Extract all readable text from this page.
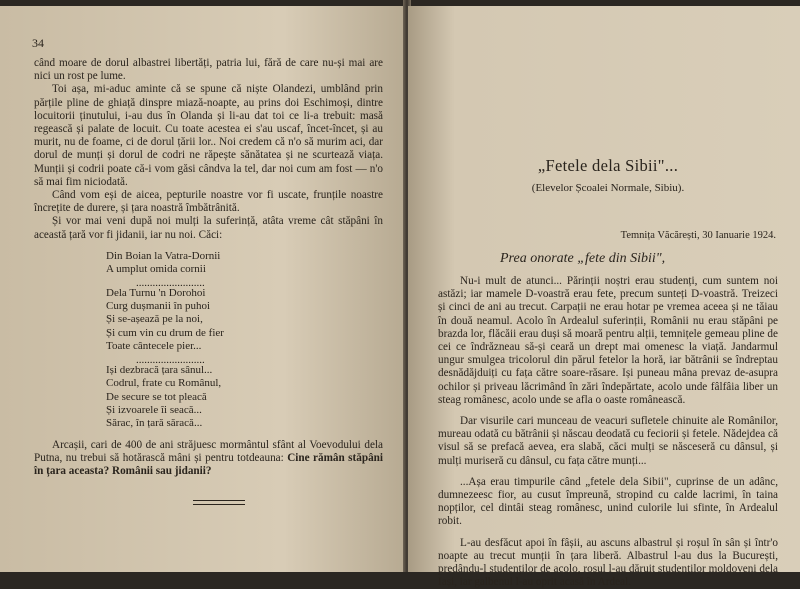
34

când moare de dorul albastrei libertăți, patria lui, fără de care nu-și mai are nici un rost pe lume.

Toi așa, mi-aduc aminte că se spune că niște Olandezi, umblând prin părțile pline de ghiață dinspre miază-noapte, au prins doi Eschimoși, dintre locuitorii ținutului, i-au dus în Olanda și li-au dat toi ce li-a trebuit: masă regească și palate de locuit. Cu toate acestea ei s'au uscaf, încet-încet, și au murit, nu de foame, ci de dorul țării lor.. Noi credem că n'o să murim aci, dar dorul de munți și dorul de codri ne răpește sănătatea și ne scurtează viața. Munții și codrii poate că-i vom găsi cândva la tel, dar noi cum am fost — n'o să mai fim niciodată.

Când vom eși de aicea, pepturile noastre vor fi uscate, frunțile noastre încrețite de durere, și țara noastră îmbătrânită.

Și vor mai veni după noi mulți la suferință, atâta vreme cât stăpâni în această țară vor fi jidanii, iar nu noi. Căci:

Din Boian la Vatra-Dornii
A umplut omida cornii
.........................
Dela Turnu 'n Dorohoi
Curg dușmanii în puhoi
Și se-așează pe la noi,
Și cum vin cu drum de fier
Toate cântecele pier...
.........................
Iși dezbracă țara sânul...
Codrul, frate cu Românul,
De secure se tot pleacă
Și izvoarele îi seacă...
Sărac, în țară săracă...

Arcașii, cari de 400 de ani străjuesc mormântul sfânt al Voevodului dela Putna, nu trebui să hotărască mâni și pentru totdeauna: Cine rămân stăpâni în țara aceasta? Românii sau jidanii?

„Fetele dela Sibii"...
(Elevelor Școalei Normale, Sibiu).
Temnița Văcărești, 30 Ianuarie 1924.
Prea onorate „fete din Sibii",

Nu-i mult de atunci... Părinții noștri erau studenți, cum suntem noi astăzi; iar mamele D-voastră erau fete, precum sunteți D-voastră. Treizeci și cinci de ani au trecut. Carpații ne erau hotar pe vremea aceea și ne tăiau în două neamul. Acolo în Ardealul suferinții, Românii nu erau stăpâni pe brazda lor, flăcăii erau duși să moară pentru alții, temnițele gemeau pline de cei ce îndrăzneau să-și ceară un drept mai omenesc la viață. Jandarmul ungur smulgea tricolorul din părul fetelor la horă, iar bătrânii se îndreptau desnădăjduiți cu fața către soare-răsare. Iși puneau mâna prevaz de-asupra ochilor și priveau lăcrimând în zări îndepărtate, acolo unde fâlfâia liber un steag românesc, acolo unde se afla o oaste românească.

Dar visurile cari munceau de veacuri sufletele chinuite ale Românilor, mureau odată cu bătrânii și născau deodată cu feciorii și fetele. Nădejdea că visul să se prefacă aevea, era slabă, căci mulți se născeseră cu dânsul, și mulți muriseră cu dânsul, cu fața către munți...

...Așa erau timpurile când „fetele dela Sibii", cuprinse de un adânc, dumnezeesc fior, au cusut împreună, stropind cu calde lacrimi, în taina nopților, cel dintâi steag românesc, unind culorile lui sfinte, în Ardealul robit.

L-au desfăcut apoi în fâșii, au ascuns albastrul și roșul în sân și într'o noapte au trecut munții în țara liberă. Albastrul l-au dus la București, predându-l studenților de acolo, roșul l-au dăruit studenților moldoveni dela Iași, iar galbenul l-au oprit acasă în Ardeal.
